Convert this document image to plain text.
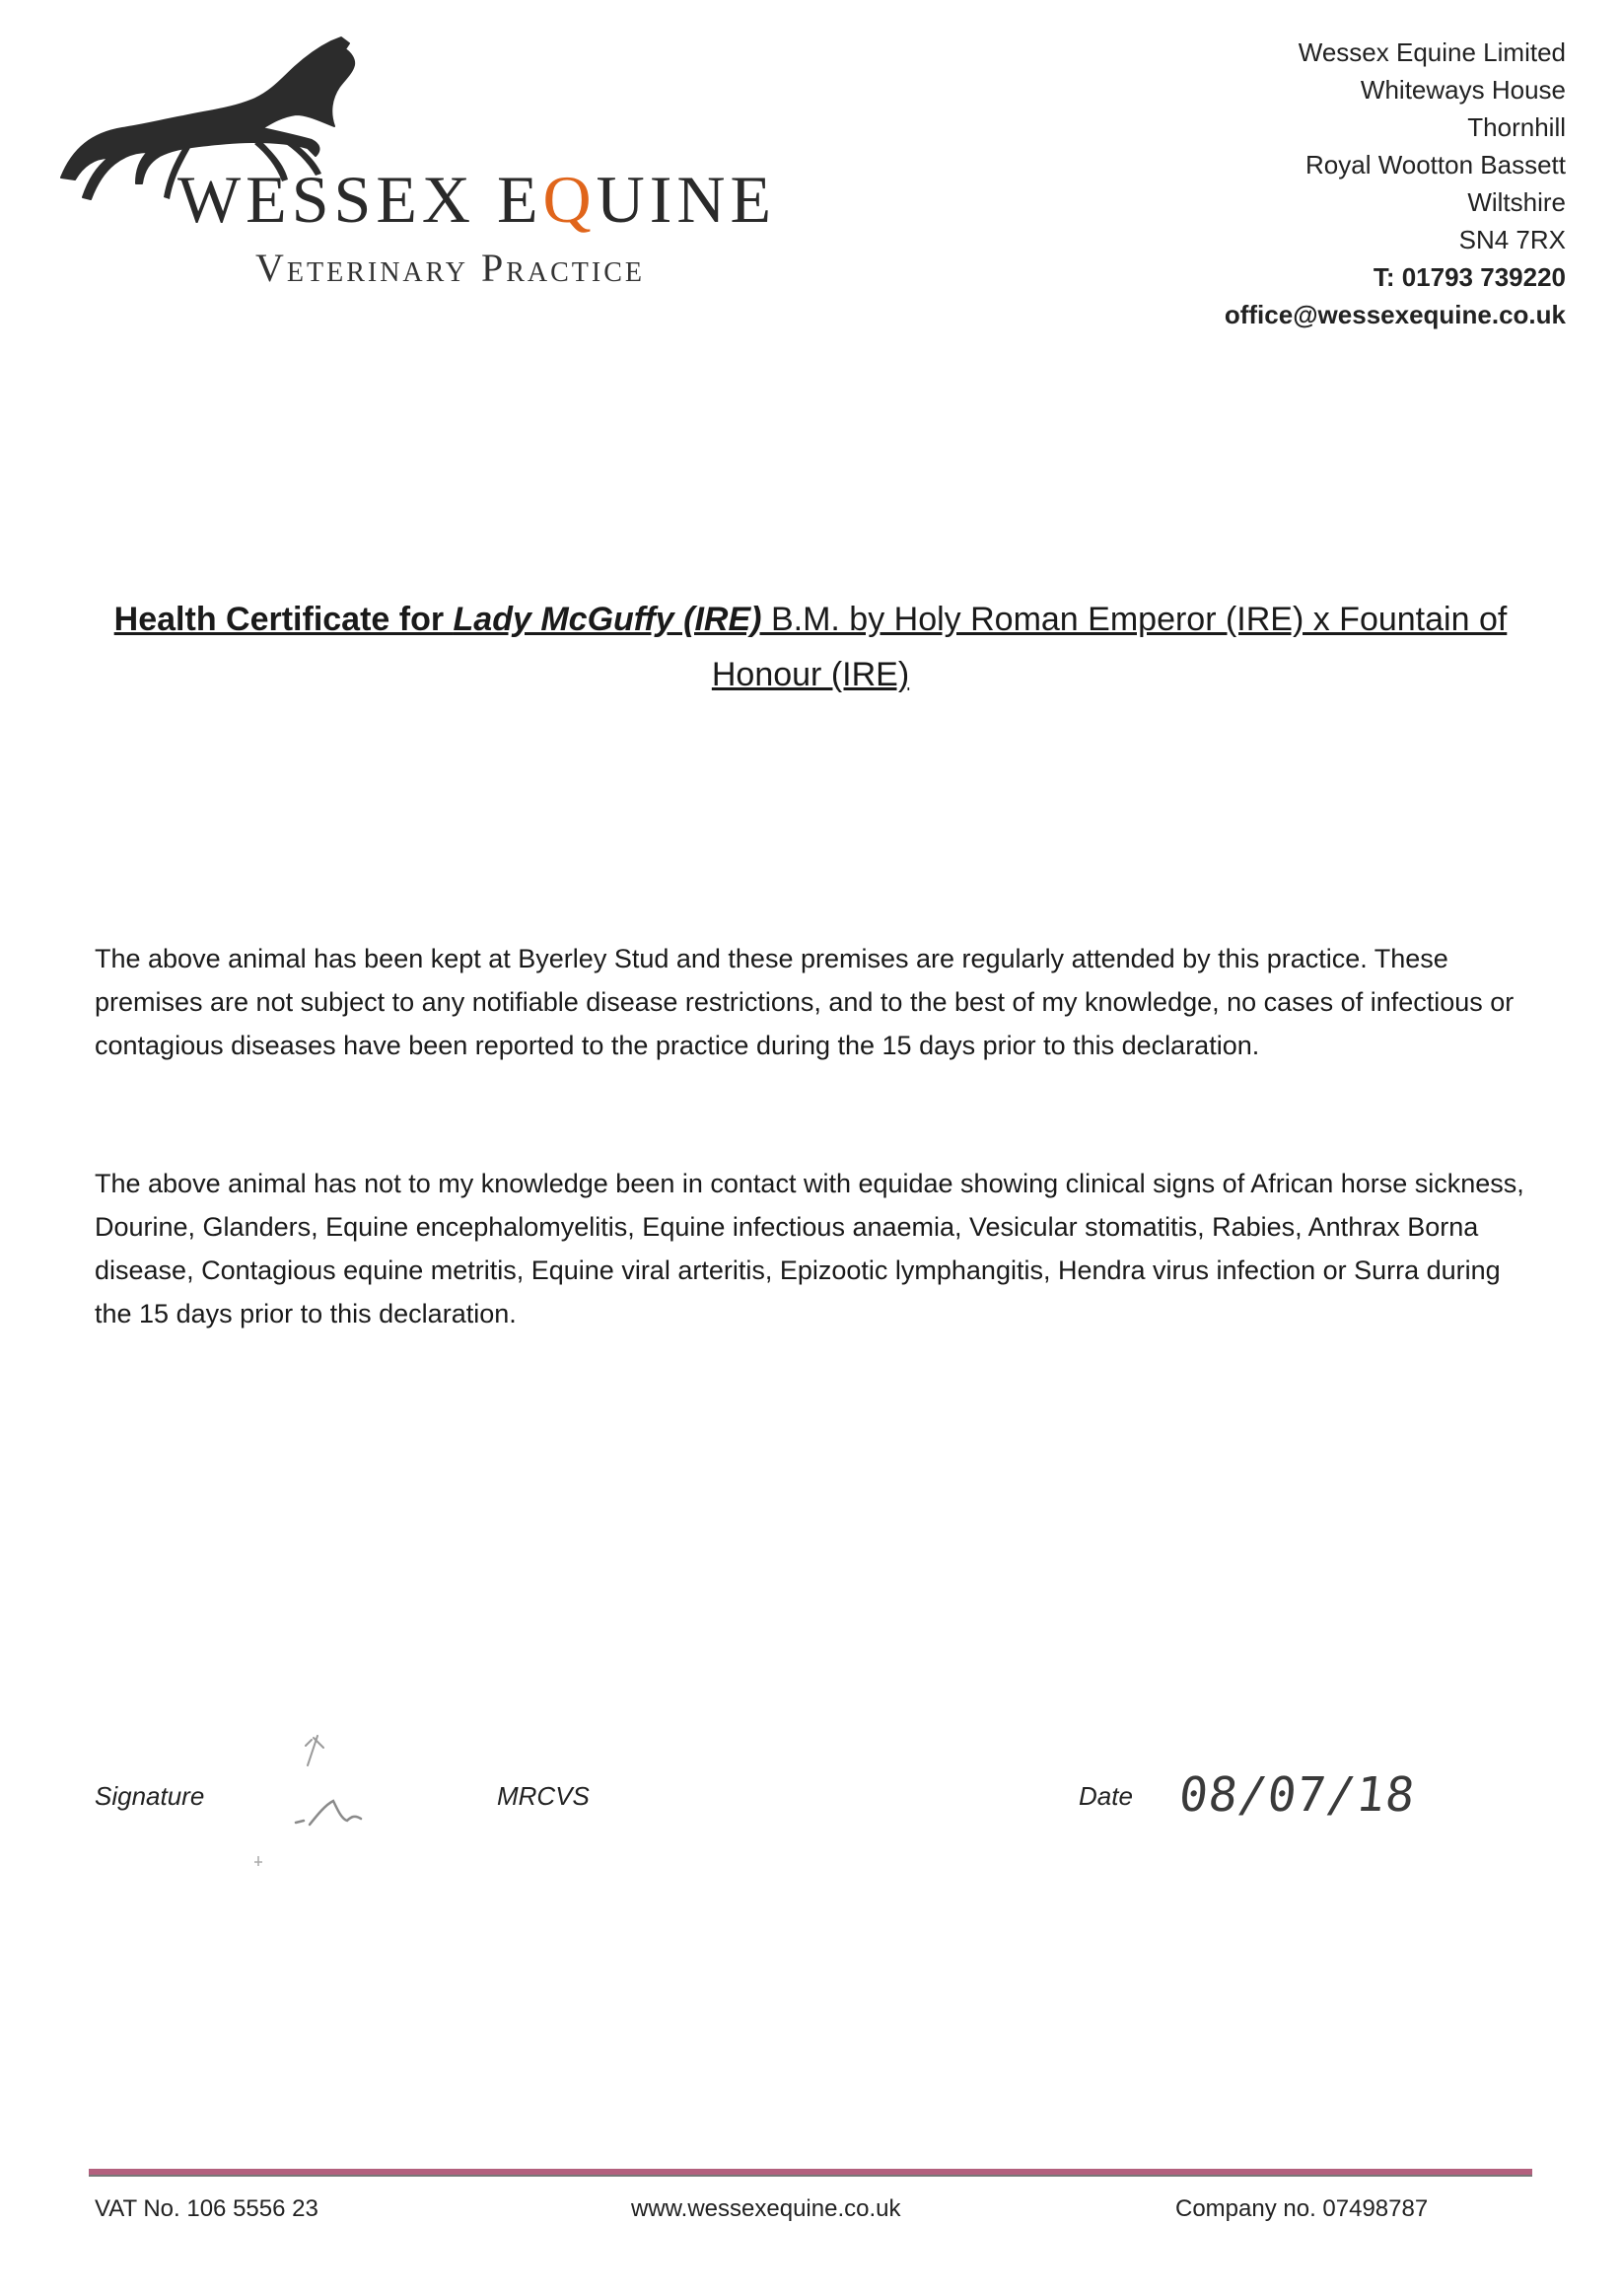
WESSEX EQUINE
Veterinary Practice
Wessex Equine Limited
Whiteways House
Thornhill
Royal Wootton Bassett
Wiltshire
SN4 7RX
T: 01793 739220
office@wessexequine.co.uk
Health Certificate for Lady McGuffy (IRE) B.M. by Holy Roman Emperor (IRE) x Fountain of Honour (IRE)
The above animal has been kept at Byerley Stud and these premises are regularly attended by this practice. These premises are not subject to any notifiable disease restrictions, and to the best of my knowledge, no cases of infectious or contagious diseases have been reported to the practice during the 15 days prior to this declaration.
The above animal has not to my knowledge been in contact with equidae showing clinical signs of African horse sickness, Dourine, Glanders, Equine encephalomyelitis, Equine infectious anaemia, Vesicular stomatitis, Rabies, Anthrax Borna disease, Contagious equine metritis, Equine viral arteritis, Epizootic lymphangitis, Hendra virus infection or Surra during the 15 days prior to this declaration.
Signature	MRCVS	Date 08/07/18
VAT No. 106 5556 23	www.wessexequine.co.uk	Company no. 07498787
